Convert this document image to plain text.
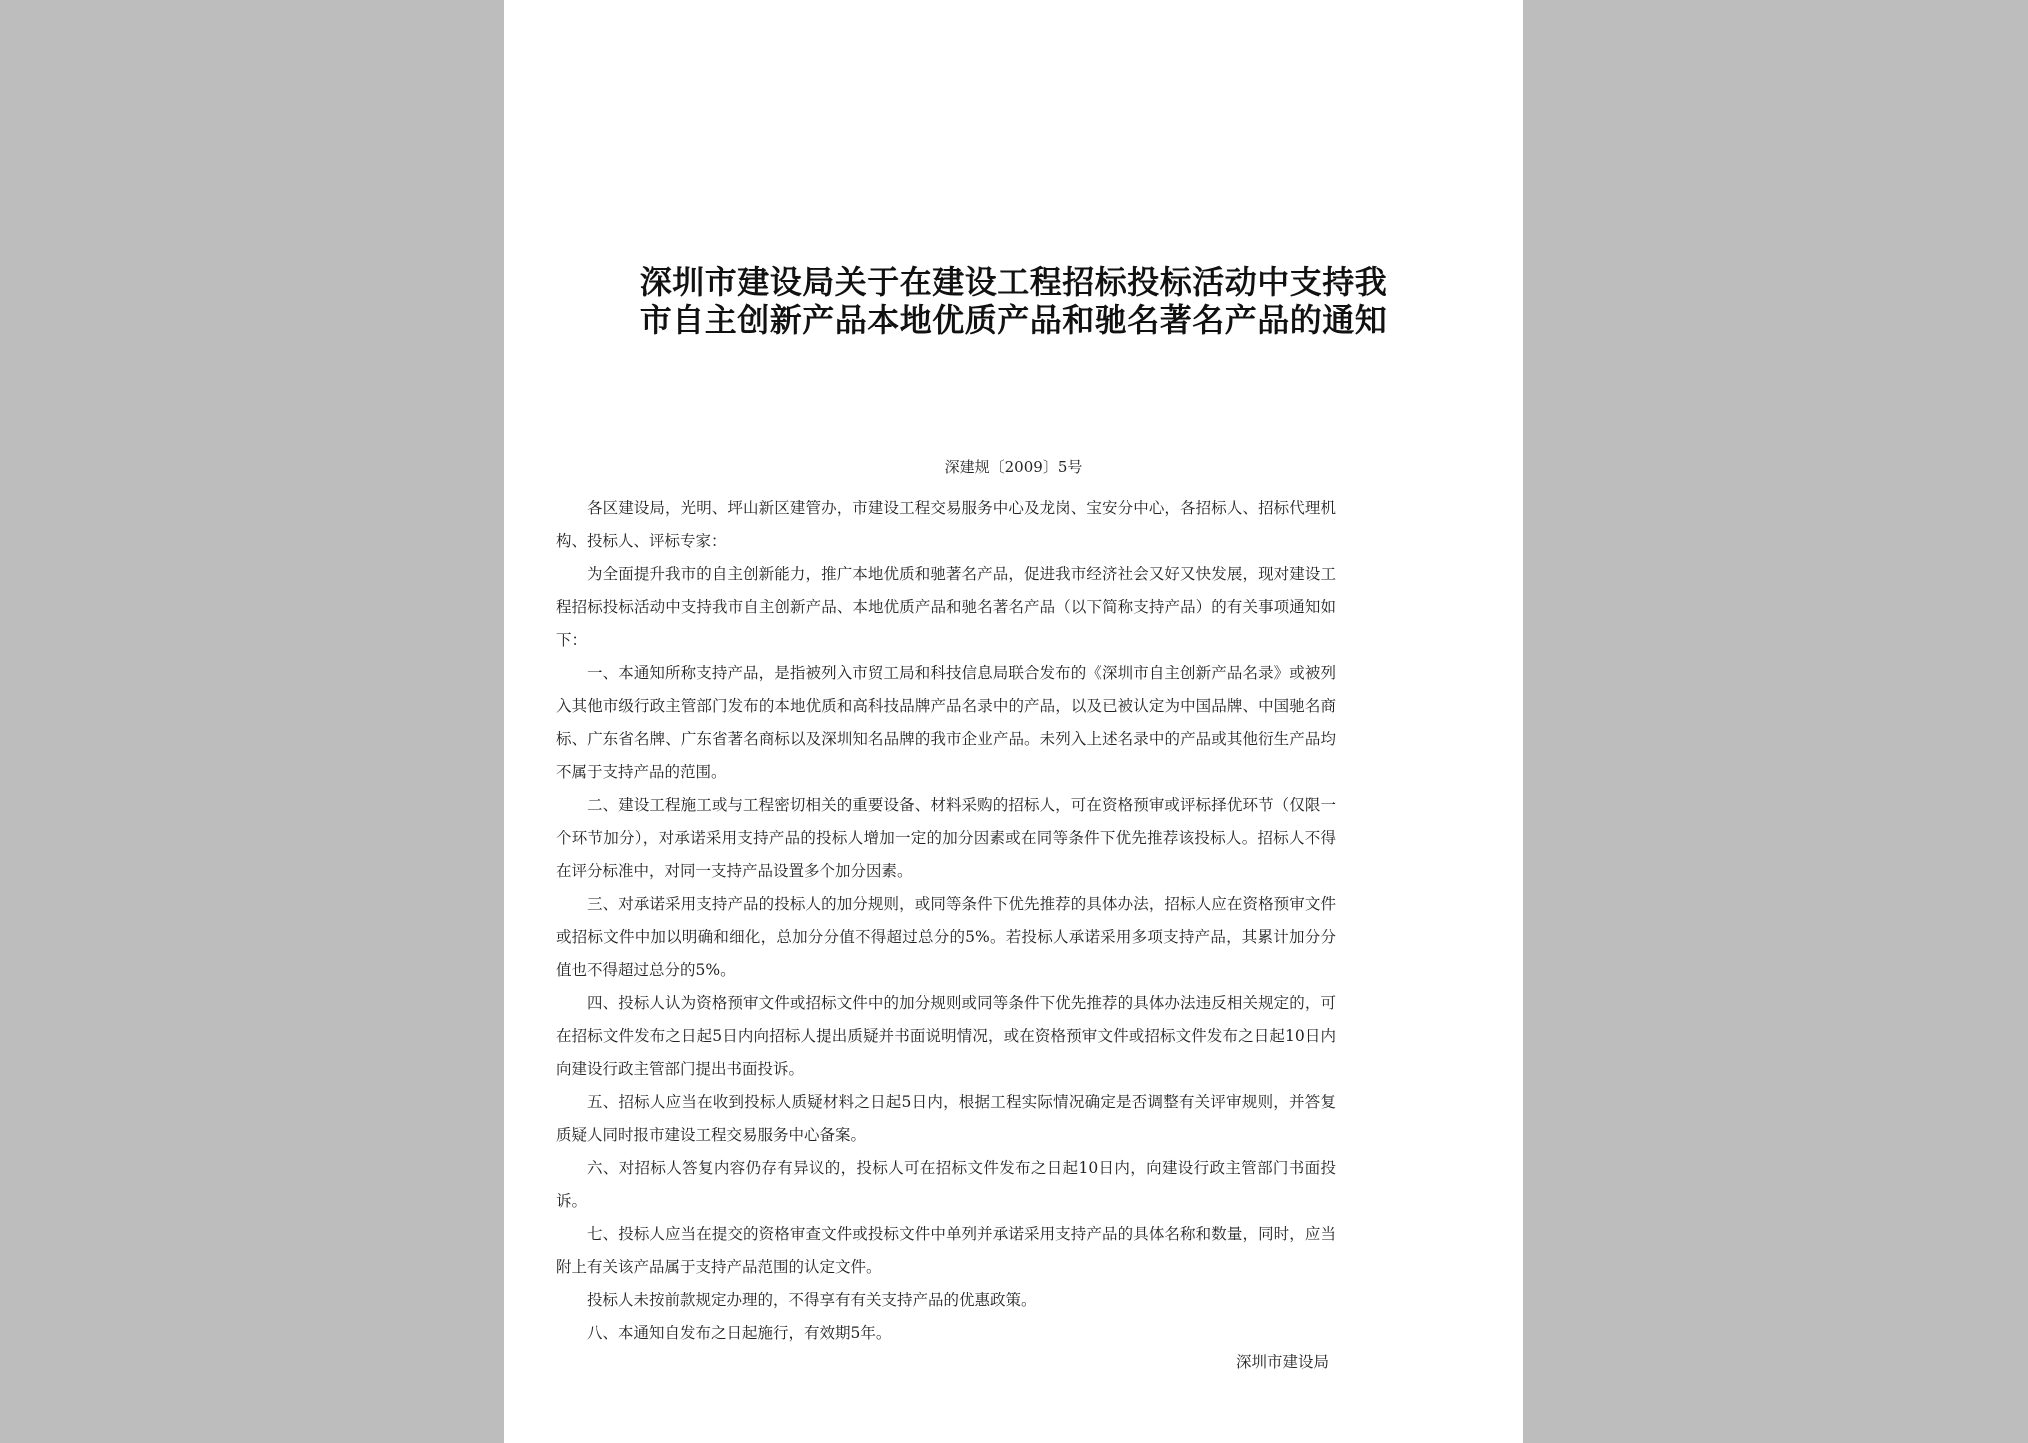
深圳市建设局关于在建设工程招标投标活动中支持我
市自主创新产品本地优质产品和驰名著名产品的通知
深建规〔2009〕5号

各区建设局，光明、坪山新区建管办，市建设工程交易服务中心及龙岗、宝安分中心，各招标人、招标代理机构、投标人、评标专家：

为全面提升我市的自主创新能力，推广本地优质和驰著名产品，促进我市经济社会又好又快发展，现对建设工程招标投标活动中支持我市自主创新产品、本地优质产品和驰名著名产品（以下简称支持产品）的有关事项通知如下：

一、本通知所称支持产品，是指被列入市贸工局和科技信息局联合发布的《深圳市自主创新产品名录》或被列入其他市级行政主管部门发布的本地优质和高科技品牌产品名录中的产品，以及已被认定为中国品牌、中国驰名商标、广东省名牌、广东省著名商标以及深圳知名品牌的我市企业产品。未列入上述名录中的产品或其他衍生产品均不属于支持产品的范围。

二、建设工程施工或与工程密切相关的重要设备、材料采购的招标人，可在资格预审或评标择优环节（仅限一个环节加分），对承诺采用支持产品的投标人增加一定的加分因素或在同等条件下优先推荐该投标人。招标人不得在评分标准中，对同一支持产品设置多个加分因素。

三、对承诺采用支持产品的投标人的加分规则，或同等条件下优先推荐的具体办法，招标人应在资格预审文件或招标文件中加以明确和细化，总加分分值不得超过总分的5%。若投标人承诺采用多项支持产品，其累计加分分值也不得超过总分的5%。

四、投标人认为资格预审文件或招标文件中的加分规则或同等条件下优先推荐的具体办法违反相关规定的，可在招标文件发布之日起5日内向招标人提出质疑并书面说明情况，或在资格预审文件或招标文件发布之日起10日内向建设行政主管部门提出书面投诉。

五、招标人应当在收到投标人质疑材料之日起5日内，根据工程实际情况确定是否调整有关评审规则，并答复质疑人同时报市建设工程交易服务中心备案。

六、对招标人答复内容仍存有异议的，投标人可在招标文件发布之日起10日内，向建设行政主管部门书面投诉。

七、投标人应当在提交的资格审查文件或投标文件中单列并承诺采用支持产品的具体名称和数量，同时，应当附上有关该产品属于支持产品范围的认定文件。

投标人未按前款规定办理的，不得享有有关支持产品的优惠政策。

八、本通知自发布之日起施行，有效期5年。

深圳市建设局
